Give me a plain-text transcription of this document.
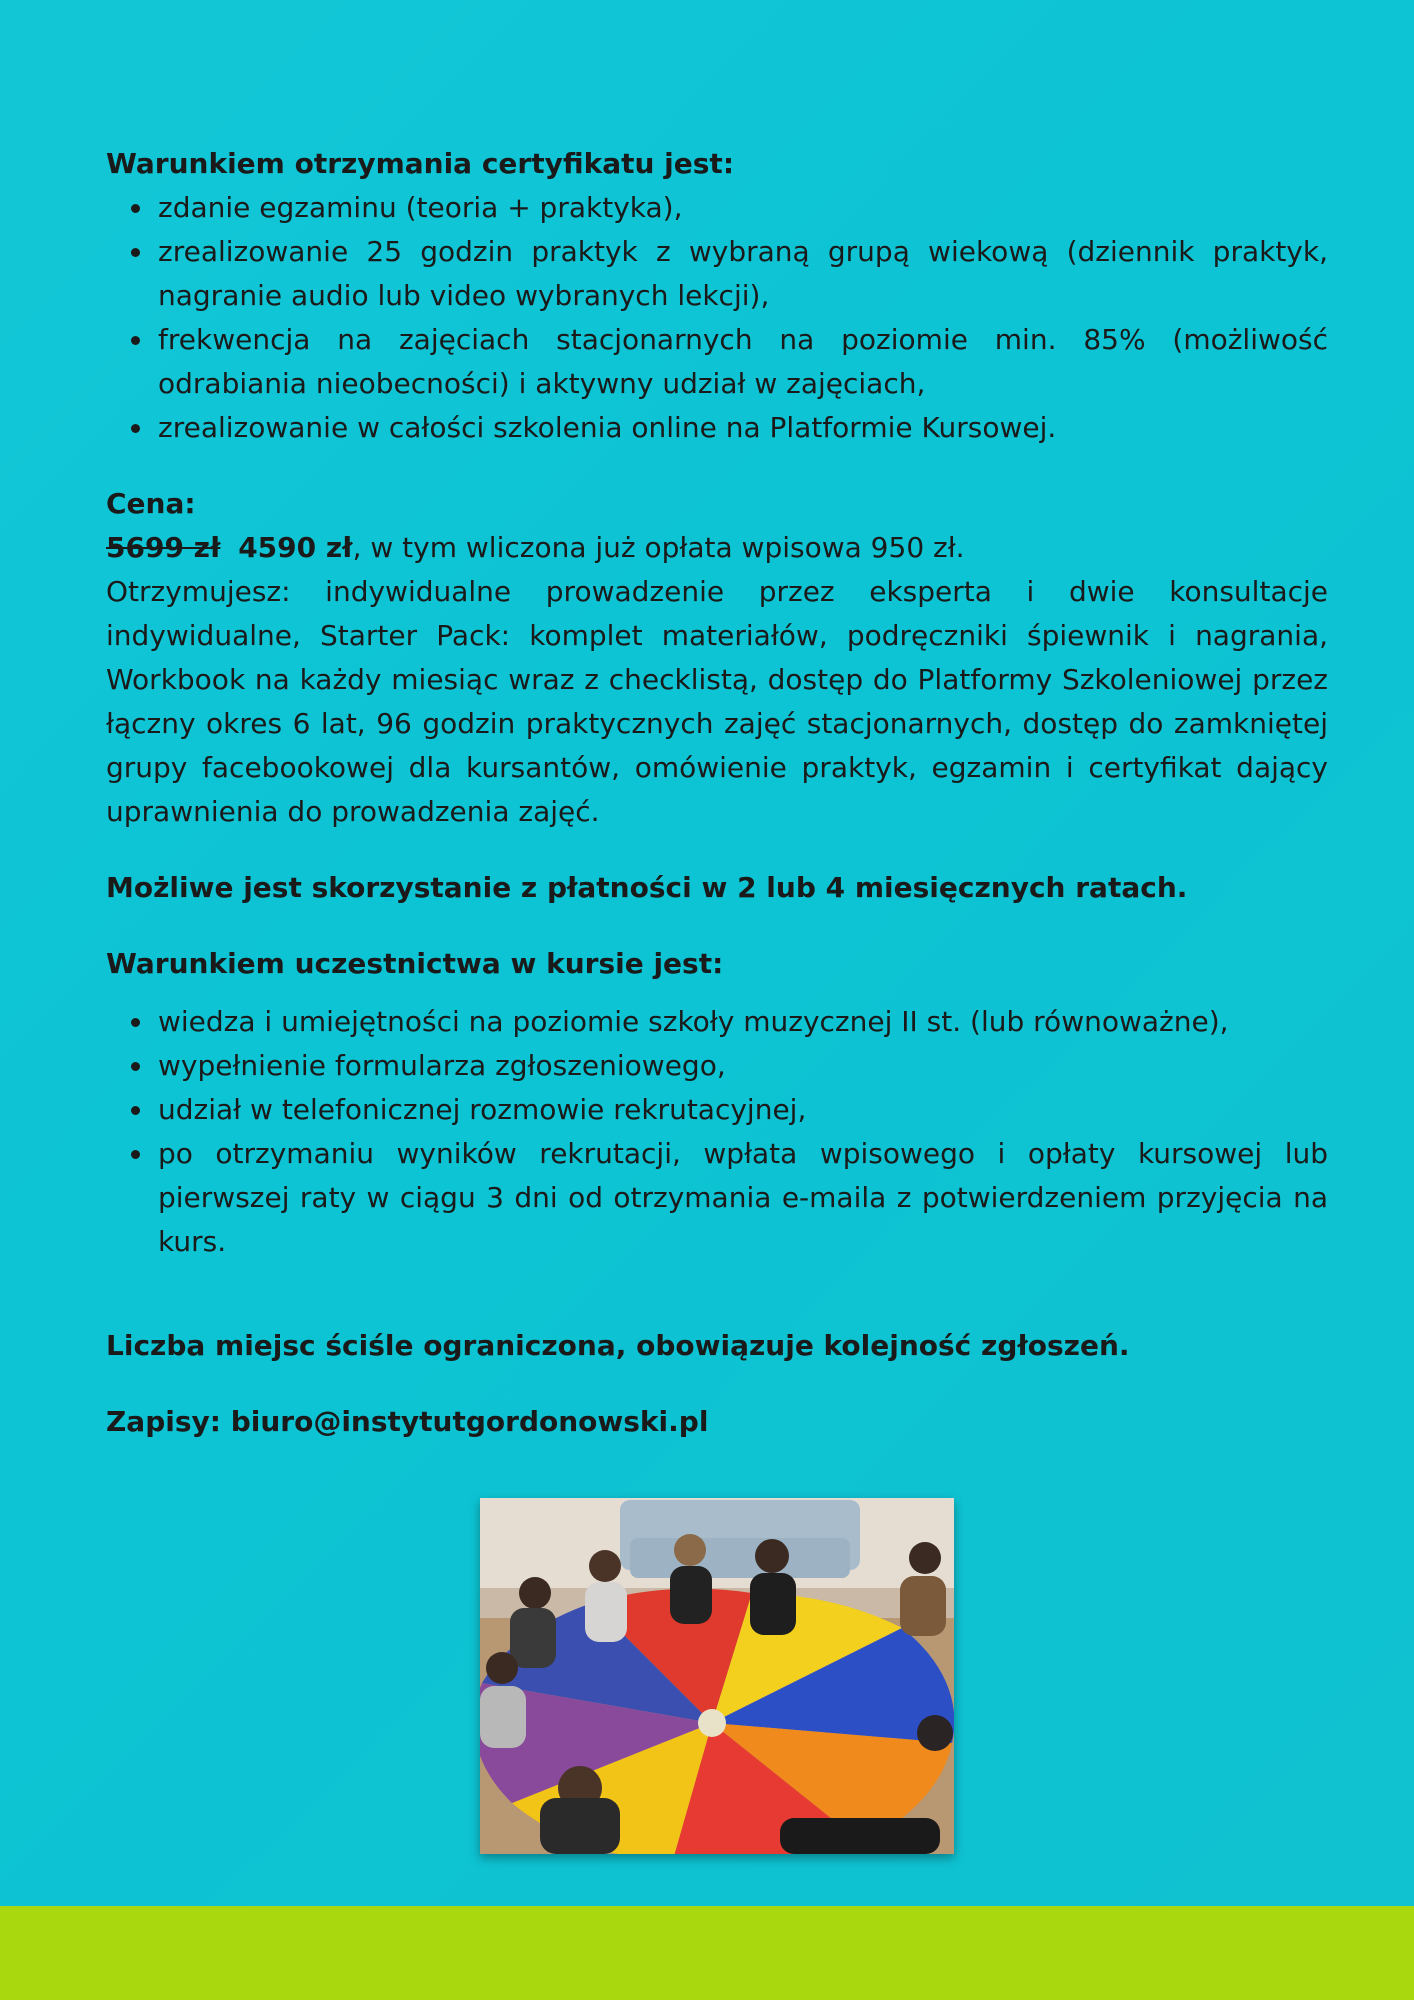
Warunkiem otrzymania certyfikatu jest:

zdanie egzaminu (teoria + praktyka),
zrealizowanie 25 godzin praktyk z wybraną grupą wiekową (dziennik praktyk, nagranie audio lub video wybranych lekcji),
frekwencja na zajęciach stacjonarnych na poziomie min. 85% (możliwość odrabiania nieobecności) i aktywny udział w zajęciach,
zrealizowanie w całości szkolenia online na Platformie Kursowej.

Cena:

5699 zł 4590 zł, w tym wliczona już opłata wpisowa 950 zł.

Otrzymujesz: indywidualne prowadzenie przez eksperta i dwie konsultacje indywidualne, Starter Pack: komplet materiałów, podręczniki śpiewnik i nagrania, Workbook na każdy miesiąc wraz z checklistą, dostęp do Platformy Szkoleniowej przez łączny okres 6 lat, 96 godzin praktycznych zajęć stacjonarnych, dostęp do zamkniętej grupy facebookowej dla kursantów, omówienie praktyk, egzamin i certyfikat dający uprawnienia do prowadzenia zajęć.

Możliwe jest skorzystanie z płatności w 2 lub 4 miesięcznych ratach.

Warunkiem uczestnictwa w kursie jest:

wiedza i umiejętności na poziomie szkoły muzycznej II st. (lub równoważne),
wypełnienie formularza zgłoszeniowego,
udział w telefonicznej rozmowie rekrutacyjnej,
po otrzymaniu wyników rekrutacji, wpłata wpisowego i opłaty kursowej lub pierwszej raty w ciągu 3 dni od otrzymania e-maila z potwierdzeniem przyjęcia na kurs.

Liczba miejsc ściśle ograniczona, obowiązuje kolejność zgłoszeń.

Zapisy: biuro@instytutgordonowski.pl
